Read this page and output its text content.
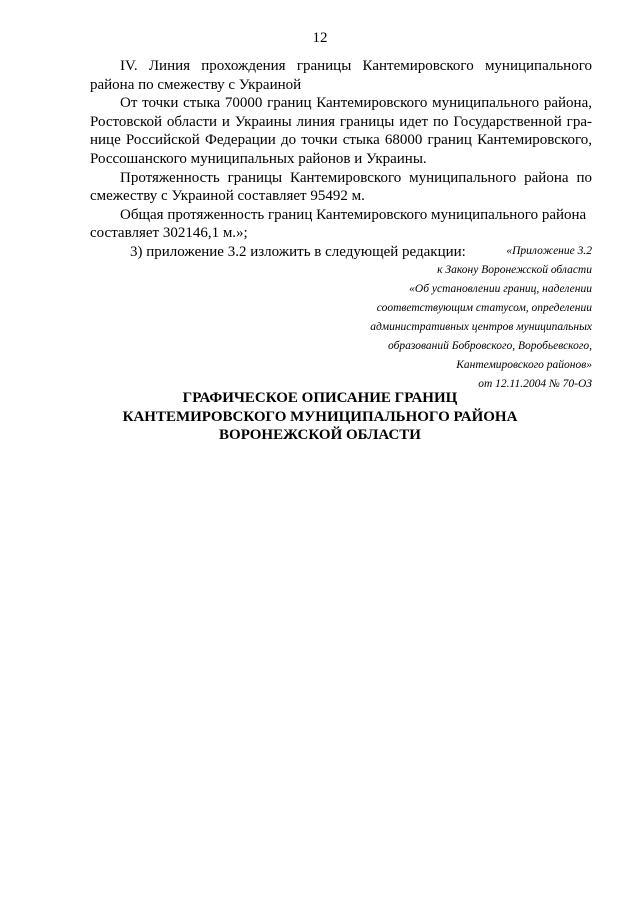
12

IV. Линия прохождения границы Кантемировского муниципального района по смежеству с Украиной

От точки стыка 70000 границ Кантемировского муниципального района, Ростовской области и Украины линия границы идет по Государственной границе Российской Федерации до точки стыка 68000 границ Кантемировского, Россошанского муниципальных районов и Украины.

Протяженность границы Кантемировского муниципального района по смежеству с Украиной составляет 95492 м.

Общая протяженность границ Кантемировского муниципального района составляет 302146,1 м.»;

3) приложение 3.2 изложить в следующей редакции:	«Приложение 3.2
к Закону Воронежской области
«Об установлении границ, наделении
соответствующим статусом, определении
административных центров муниципальных
образований Бобровского, Воробьевского,
Кантемировского районов»
от 12.11.2004 № 70-ОЗ
ГРАФИЧЕСКОЕ ОПИСАНИЕ ГРАНИЦ
КАНТЕМИРОВСКОГО МУНИЦИПАЛЬНОГО РАЙОНА
ВОРОНЕЖСКОЙ ОБЛАСТИ
